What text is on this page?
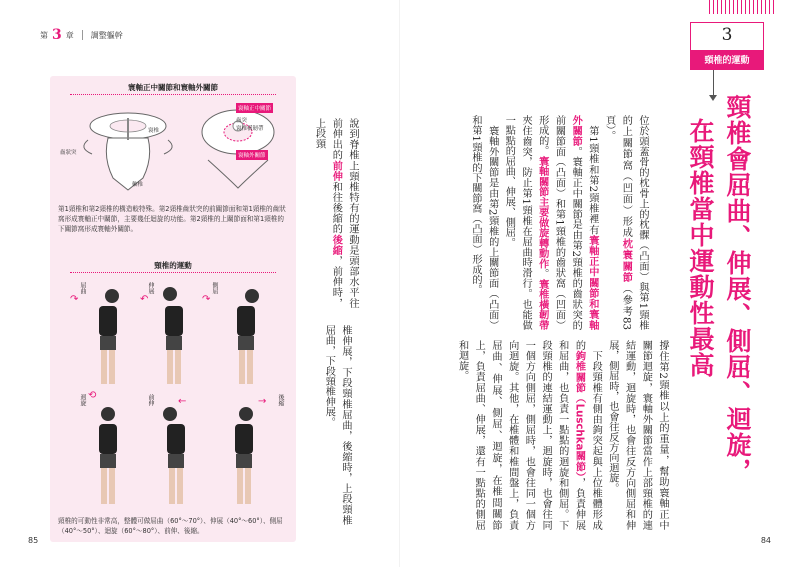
第 3 章 調整軀幹	3
頸椎的運動
頸椎會屈曲、伸展、側屈、迴旋，
在頸椎當中運動性最高
位於頭蓋骨的枕骨上的枕髁（凸面）與第1頸椎的上關節窩（凹面）形成枕寰關節（參考83頁）。
　第1頸椎和第2頸椎裡有寰軸正中關節和寰軸外關節。寰軸正中關節是由第2頸椎的齒狀突的前關節面（凸面）和第1頸椎的齒狀窩（凹面）形成的。寰軸關節主要做旋轉動作。寰椎橫韌帶夾住齒突，防止第1頸椎在屈曲時滑行。也能做一點點的屈曲、伸展、側屈。
　寰軸外關節是由第2頸椎的上關節面（凸面）和第1頸椎的下關節窩（凸面）形成的。
撐住第2頸椎以上的重量，幫助寰軸正中關節迴旋，寰軸外關節當作上部頸椎的連結運動，迴旋時，也會往反方向側屈和伸展，側屈時，也會往反方向迴旋。
　下段頸椎有側由鉤突起與上位椎體形成的鉤椎關節（Luschka關節），負責伸展和屈曲，也負責一點點的迴旋和側屈。下段頸椎的連結運動上，迴旋時，也會往同一個方向側屈，側屈時，也會往同一個方向迴旋。其他，在椎體和椎間盤上，負責屈曲、伸展、側屈、迴旋，在椎間關節上，負責屈曲、伸展，還有一點點的側屈和迴旋。
說到脊椎上頸椎特有的運動是頭部水平往前伸出的前伸和往後縮的後縮，前伸時，上段頸
椎伸展，下段頸椎屈曲，後縮時，上段頸椎屈曲，下段頸椎伸展。
寰軸正中關節和寰軸外關節
寰軸正中關節
齒突
寰椎橫韌帶
寰軸外關節
寰椎
齒狀突
軸椎
第1頸椎和第2頸椎的構造較特殊。第2頸椎齒狀突的前關節面和第1頸椎的齒狀窩形成寰軸正中關節，主要幾任迴旋的功能。第2頸椎的上關節面和第1頸椎的下關節窩形成寰軸外關節。
頸椎的運動
屈曲
↷
伸展
↶
側屈
↷
迴旋 ⟲	前伸 ←	後縮
→
頸椎的可動性非常高，整體可做屈曲（60°～70°）、伸展（40°～60°）、側屈（40°～50°）、迴旋（60°～80°）、前伸、後縮。
85	84
